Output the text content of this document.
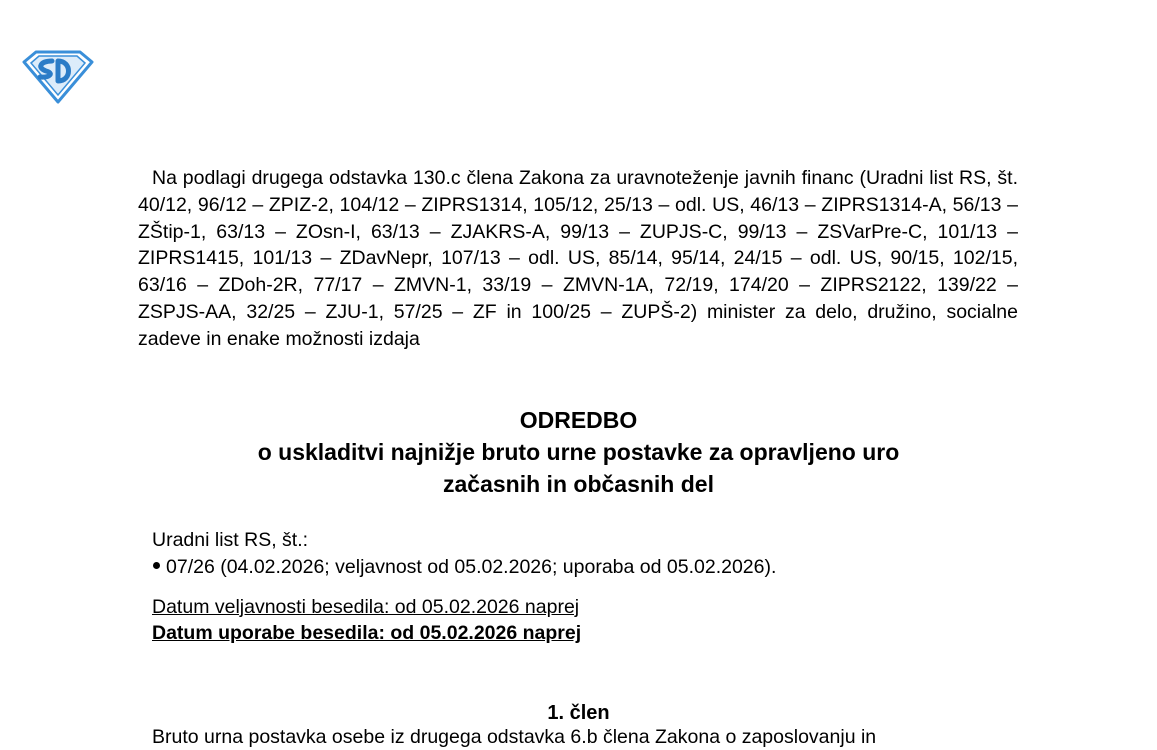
Na podlagi drugega odstavka 130.c člena Zakona za uravnoteženje javnih financ (Uradni list RS, št. 40/12, 96/12 – ZPIZ-2, 104/12 – ZIPRS1314, 105/12, 25/13 – odl. US, 46/13 – ZIPRS1314-A, 56/13 – ZŠtip-1, 63/13 – ZOsn-I, 63/13 – ZJAKRS-A, 99/13 – ZUPJS-C, 99/13 – ZSVarPre-C, 101/13 – ZIPRS1415, 101/13 – ZDavNepr, 107/13 – odl. US, 85/14, 95/14, 24/15 – odl. US, 90/15, 102/15, 63/16 – ZDoh-2R, 77/17 – ZMVN-1, 33/19 – ZMVN-1A, 72/19, 174/20 – ZIPRS2122, 139/22 – ZSPJS-AA, 32/25 – ZJU-1, 57/25 – ZF in 100/25 – ZUPŠ-2) minister za delo, družino, socialne zadeve in enake možnosti izdaja

ODREDBO
o uskladitvi najnižje bruto urne postavke za opravljeno uro
začasnih in občasnih del
Uradni list RS, št.:
07/26 (04.02.2026; veljavnost od 05.02.2026; uporaba od 05.02.2026).
Datum veljavnosti besedila: od 05.02.2026 naprej
Datum uporabe besedila: od 05.02.2026 naprej
1. člen
Bruto urna postavka osebe iz drugega odstavka 6.b člena Zakona o zaposlovanju in
